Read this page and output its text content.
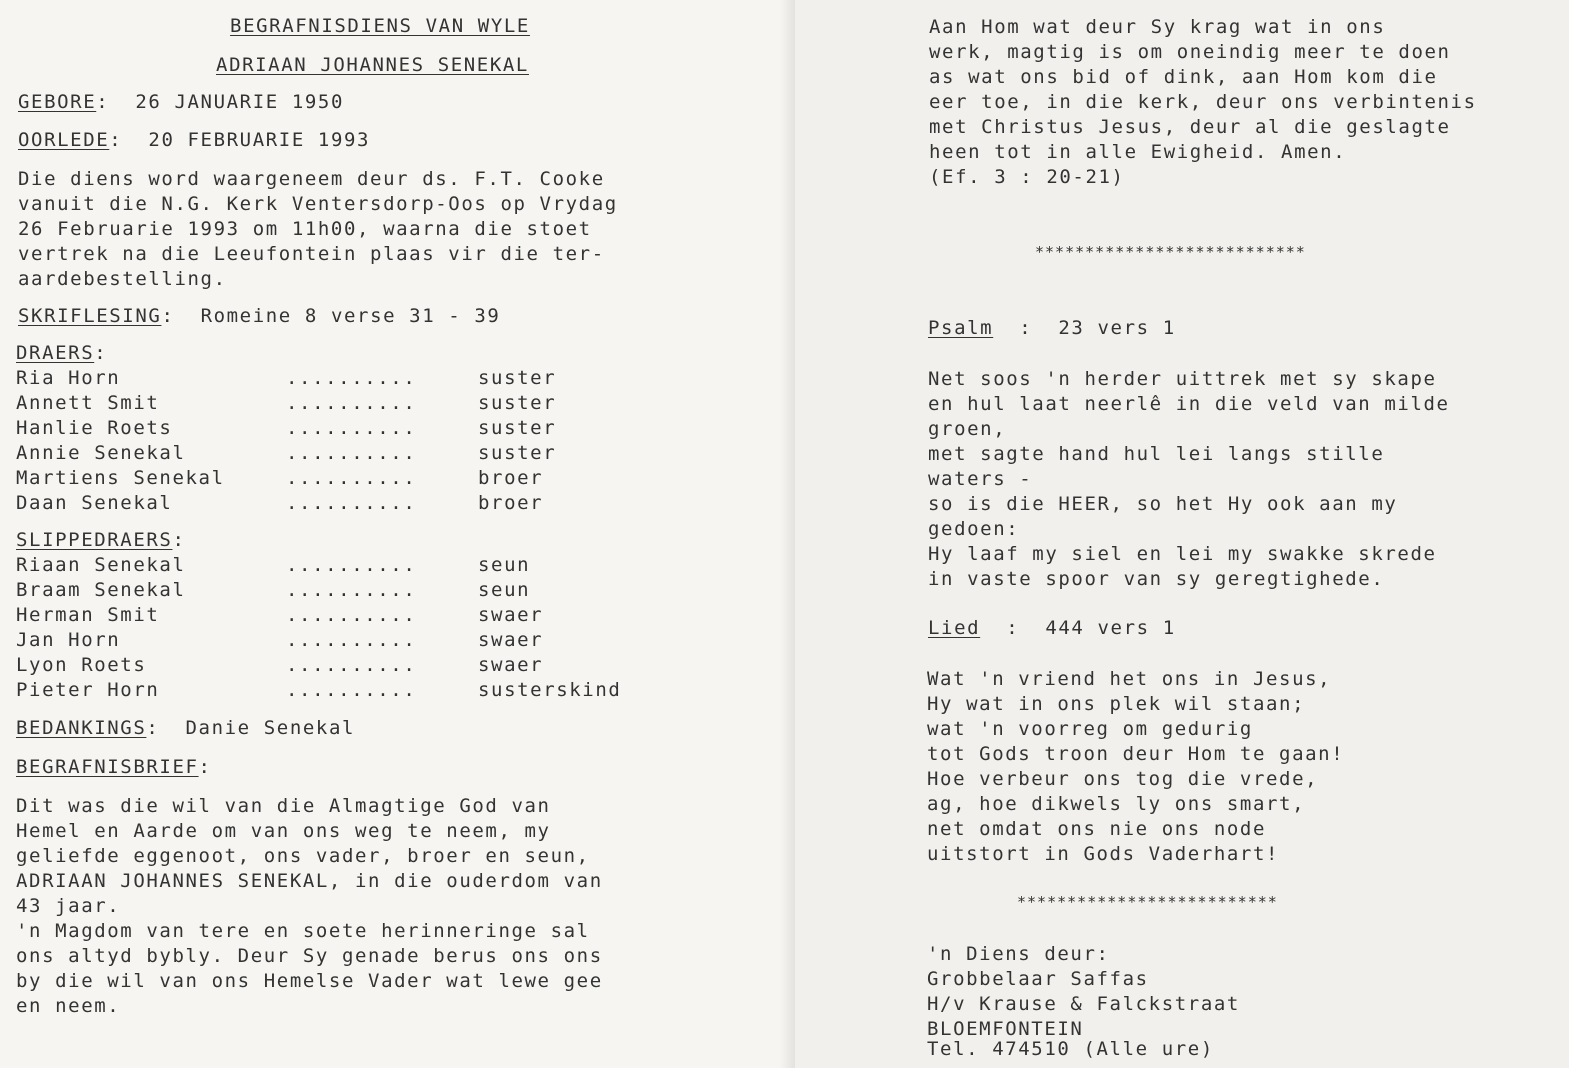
BEGRAFNISDIENS VAN WYLE
ADRIAAN JOHANNES SENEKAL
GEBORE:  26 JANUARIE 1950
OORLEDE:  20 FEBRUARIE 1993
Die diens word waargeneem deur ds. F.T. Cooke
vanuit die N.G. Kerk Ventersdorp-Oos op Vrydag
26 Februarie 1993 om 11h00, waarna die stoet
vertrek na die Leeufontein plaas vir die ter-
aardebestelling.
SKRIFLESING:  Romeine 8 verse 31 - 39
DRAERS:
Ria Horn	..........	suster
Annett Smit	..........	suster
Hanlie Roets	..........	suster
Annie Senekal	..........	suster
Martiens Senekal	..........	broer
Daan Senekal	..........	broer
SLIPPEDRAERS:
Riaan Senekal	..........	seun
Braam Senekal	..........	seun
Herman Smit	..........	swaer
Jan Horn	..........	swaer
Lyon Roets	..........	swaer
Pieter Horn	..........	susterskind
BEDANKINGS:  Danie Senekal
BEGRAFNISBRIEF:
Dit was die wil van die Almagtige God van
Hemel en Aarde om van ons weg te neem, my
geliefde eggenoot, ons vader, broer en seun,
ADRIAAN JOHANNES SENEKAL, in die ouderdom van
43 jaar.
'n Magdom van tere en soete herinneringe sal
ons altyd bybly. Deur Sy genade berus ons ons
by die wil van ons Hemelse Vader wat lewe gee
en neem.
Aan Hom wat deur Sy krag wat in ons
werk, magtig is om oneindig meer te doen
as wat ons bid of dink, aan Hom kom die
eer toe, in die kerk, deur ons verbintenis
met Christus Jesus, deur al die geslagte
heen tot in alle Ewigheid. Amen.
(Ef. 3 : 20-21)
***************************
Psalm :  23 vers 1
Net soos 'n herder uittrek met sy skape
en hul laat neerlê in die veld van milde
groen,
met sagte hand hul lei langs stille
waters -
so is die HEER, so het Hy ook aan my
gedoen:
Hy laaf my siel en lei my swakke skrede
in vaste spoor van sy geregtighede.
Lied :  444 vers 1
Wat 'n vriend het ons in Jesus,
Hy wat in ons plek wil staan;
wat 'n voorreg om gedurig
tot Gods troon deur Hom te gaan!
Hoe verbeur ons tog die vrede,
ag, hoe dikwels ly ons smart,
net omdat ons nie ons node
uitstort in Gods Vaderhart!
**************************
'n Diens deur:
Grobbelaar Saffas
H/v Krause & Falckstraat
BLOEMFONTEIN
Tel. 474510 (Alle ure)
